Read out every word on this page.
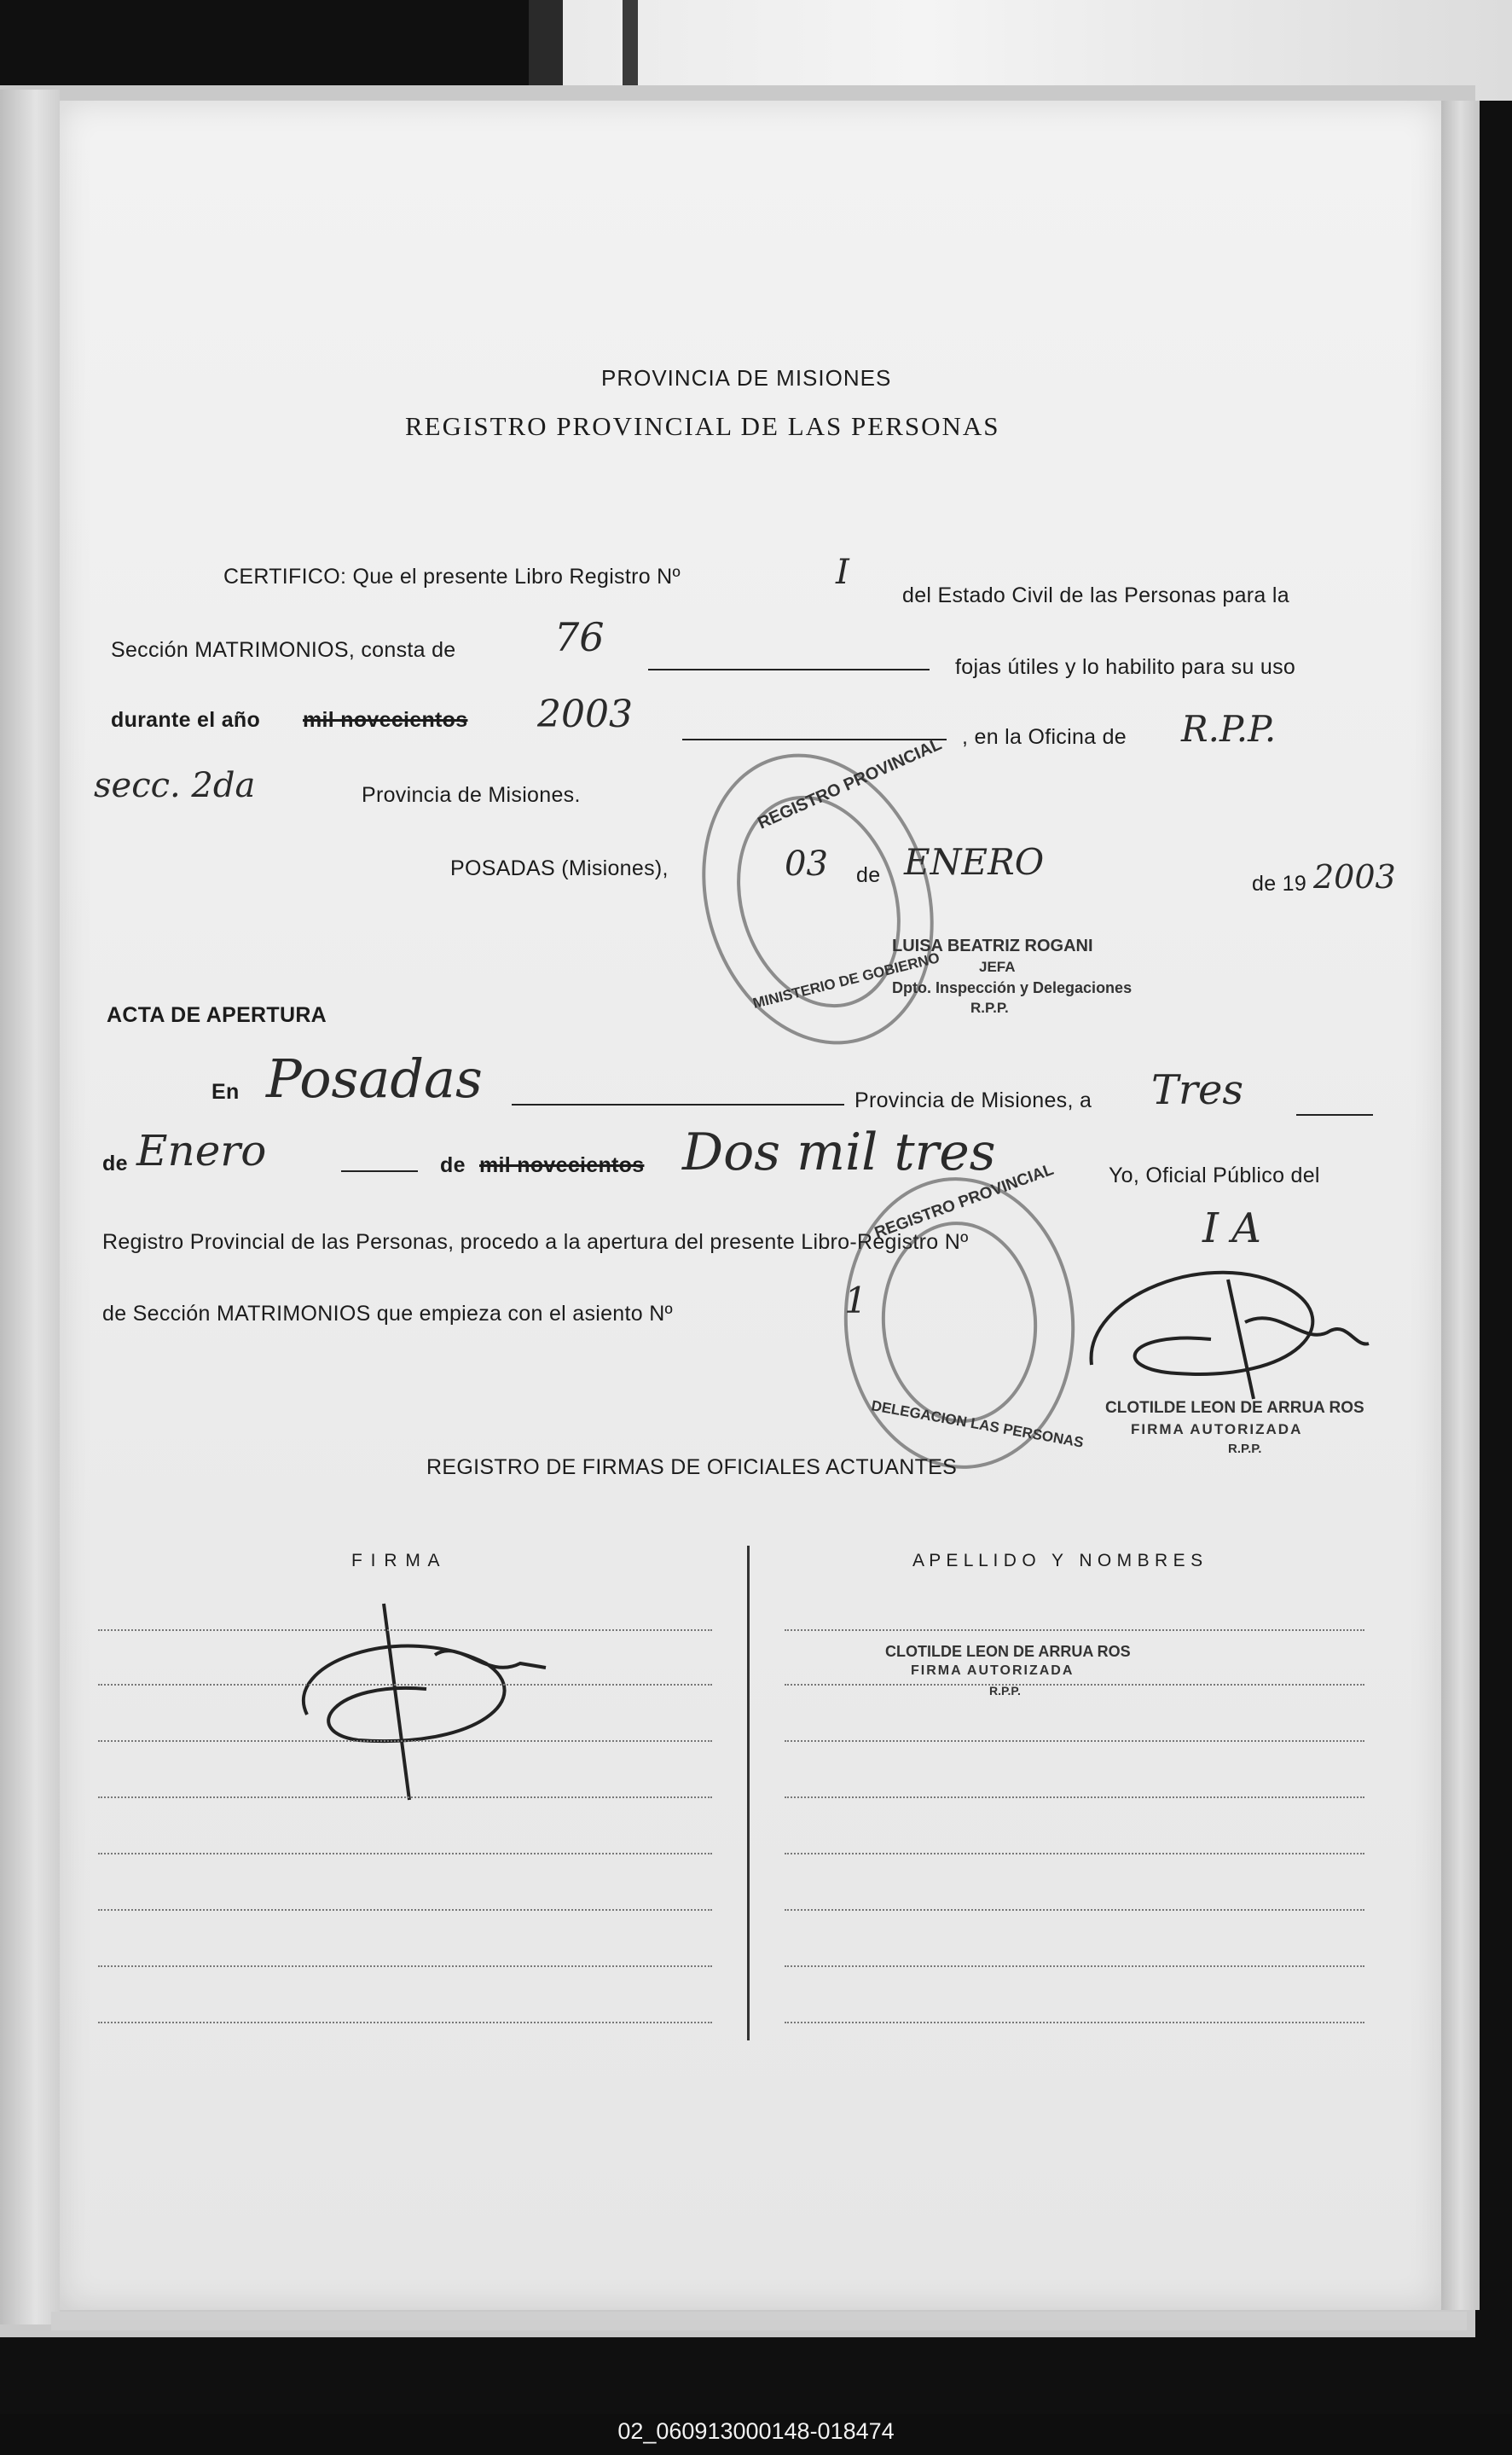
PROVINCIA DE MISIONES
REGISTRO PROVINCIAL DE LAS PERSONAS
CERTIFICO: Que el presente Libro Registro Nº	I
del Estado Civil de las Personas para la
Sección MATRIMONIOS, consta de	76
fojas útiles y lo habilito para su uso
durante el año mil novecientos 2003
, en la Oficina de R.P.P.
secc. 2da	Provincia de Misiones.
POSADAS (Misiones),	03 de ENERO
de 19 2003
REGISTRO PROVINCIAL
MINISTERIO DE GOBIERNO
LUISA BEATRIZ ROGANI
JEFA
Dpto. Inspección y Delegaciones
R.P.P.
ACTA DE APERTURA
En Posadas	Provincia de Misiones, a Tres
de Enero	de mil novecientos Dos mil tres	Yo, Oficial Público del
Registro Provincial de las Personas, procedo a la apertura del presente Libro-Registro Nº	I A
de Sección MATRIMONIOS que empieza con el asiento Nº	1
REGISTRO PROVINCIAL
DELEGACION LAS PERSONAS CLOTILDE LEON DE ARRUA ROS
FIRMA AUTORIZADA
R.P.P.
REGISTRO DE FIRMAS DE OFICIALES ACTUANTES
F I R M A	A P E L L I D O   Y   N O M B R E S
CLOTILDE LEON DE ARRUA ROS
FIRMA AUTORIZADA
R.P.P.
02_060913000148-018474
